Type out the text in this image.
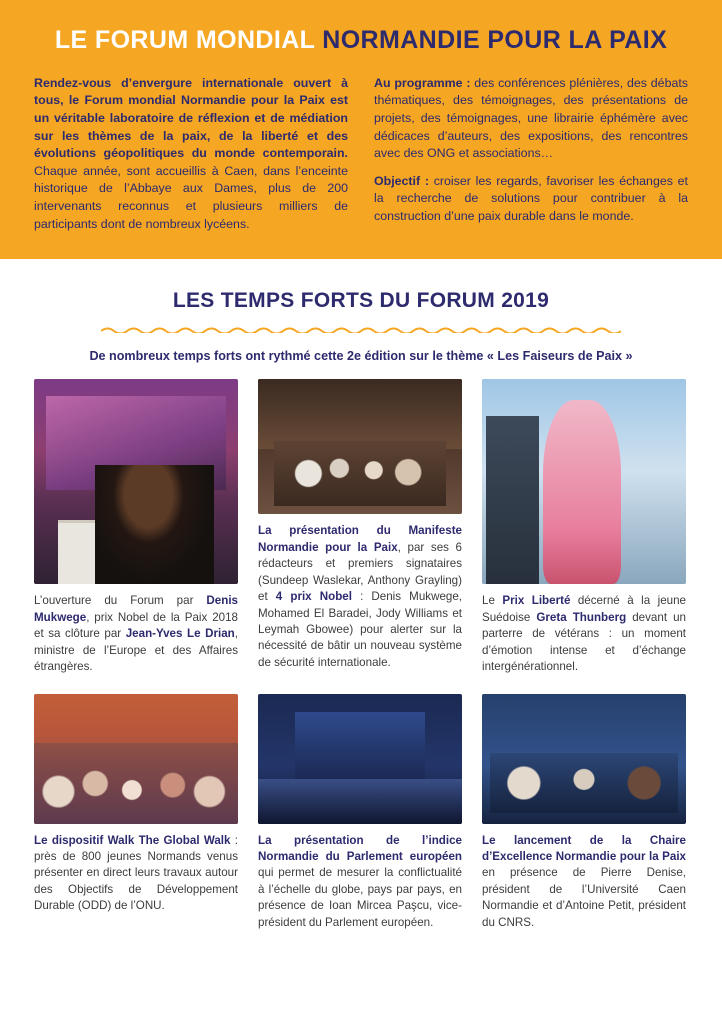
LE FORUM MONDIAL NORMANDIE POUR LA PAIX

Rendez-vous d’envergure internationale ouvert à tous, le Forum mondial Normandie pour la Paix est un véritable laboratoire de réflexion et de médiation sur les thèmes de la paix, de la liberté et des évolutions géopolitiques du monde contemporain. Chaque année, sont accueillis à Caen, dans l’enceinte historique de l’Abbaye aux Dames, plus de 200 intervenants reconnus et plusieurs milliers de participants dont de nombreux lycéens.

Au programme : des conférences plénières, des débats thématiques, des témoignages, des présentations de projets, des témoignages, une librairie éphémère avec dédicaces d’auteurs, des expositions, des rencontres avec des ONG et associations…

Objectif : croiser les regards, favoriser les échanges et la recherche de solutions pour contribuer à la construction d’une paix durable dans le monde.

LES TEMPS FORTS DU FORUM 2019
De nombreux temps forts ont rythmé cette 2e édition sur le thème « Les Faiseurs de Paix »
L’ouverture du Forum par Denis Mukwege, prix Nobel de la Paix 2018 et sa clôture par Jean-Yves Le Drian, ministre de l’Europe et des Affaires étrangères.
La présentation du Manifeste Normandie pour la Paix, par ses 6 rédacteurs et premiers signataires (Sundeep Waslekar, Anthony Grayling) et 4 prix Nobel : Denis Mukwege, Mohamed El Baradei, Jody Williams et Leymah Gbowee) pour alerter sur la nécessité de bâtir un nouveau système de sécurité internationale.
Le Prix Liberté décerné à la jeune Suédoise Greta Thunberg devant un parterre de vétérans : un moment d’émotion intense et d’échange intergénérationnel.
Le dispositif Walk The Global Walk : près de 800 jeunes Normands venus présenter en direct leurs travaux autour des Objectifs de Développement Durable (ODD) de l’ONU.
La présentation de l’indice Normandie du Parlement européen qui permet de mesurer la conflictualité à l’échelle du globe, pays par pays, en présence de Ioan Mircea Paşcu, vice-président du Parlement européen.
Le lancement de la Chaire d’Excellence Normandie pour la Paix en présence de Pierre Denise, président de l’Université Caen Normandie et d’Antoine Petit, président du CNRS.
